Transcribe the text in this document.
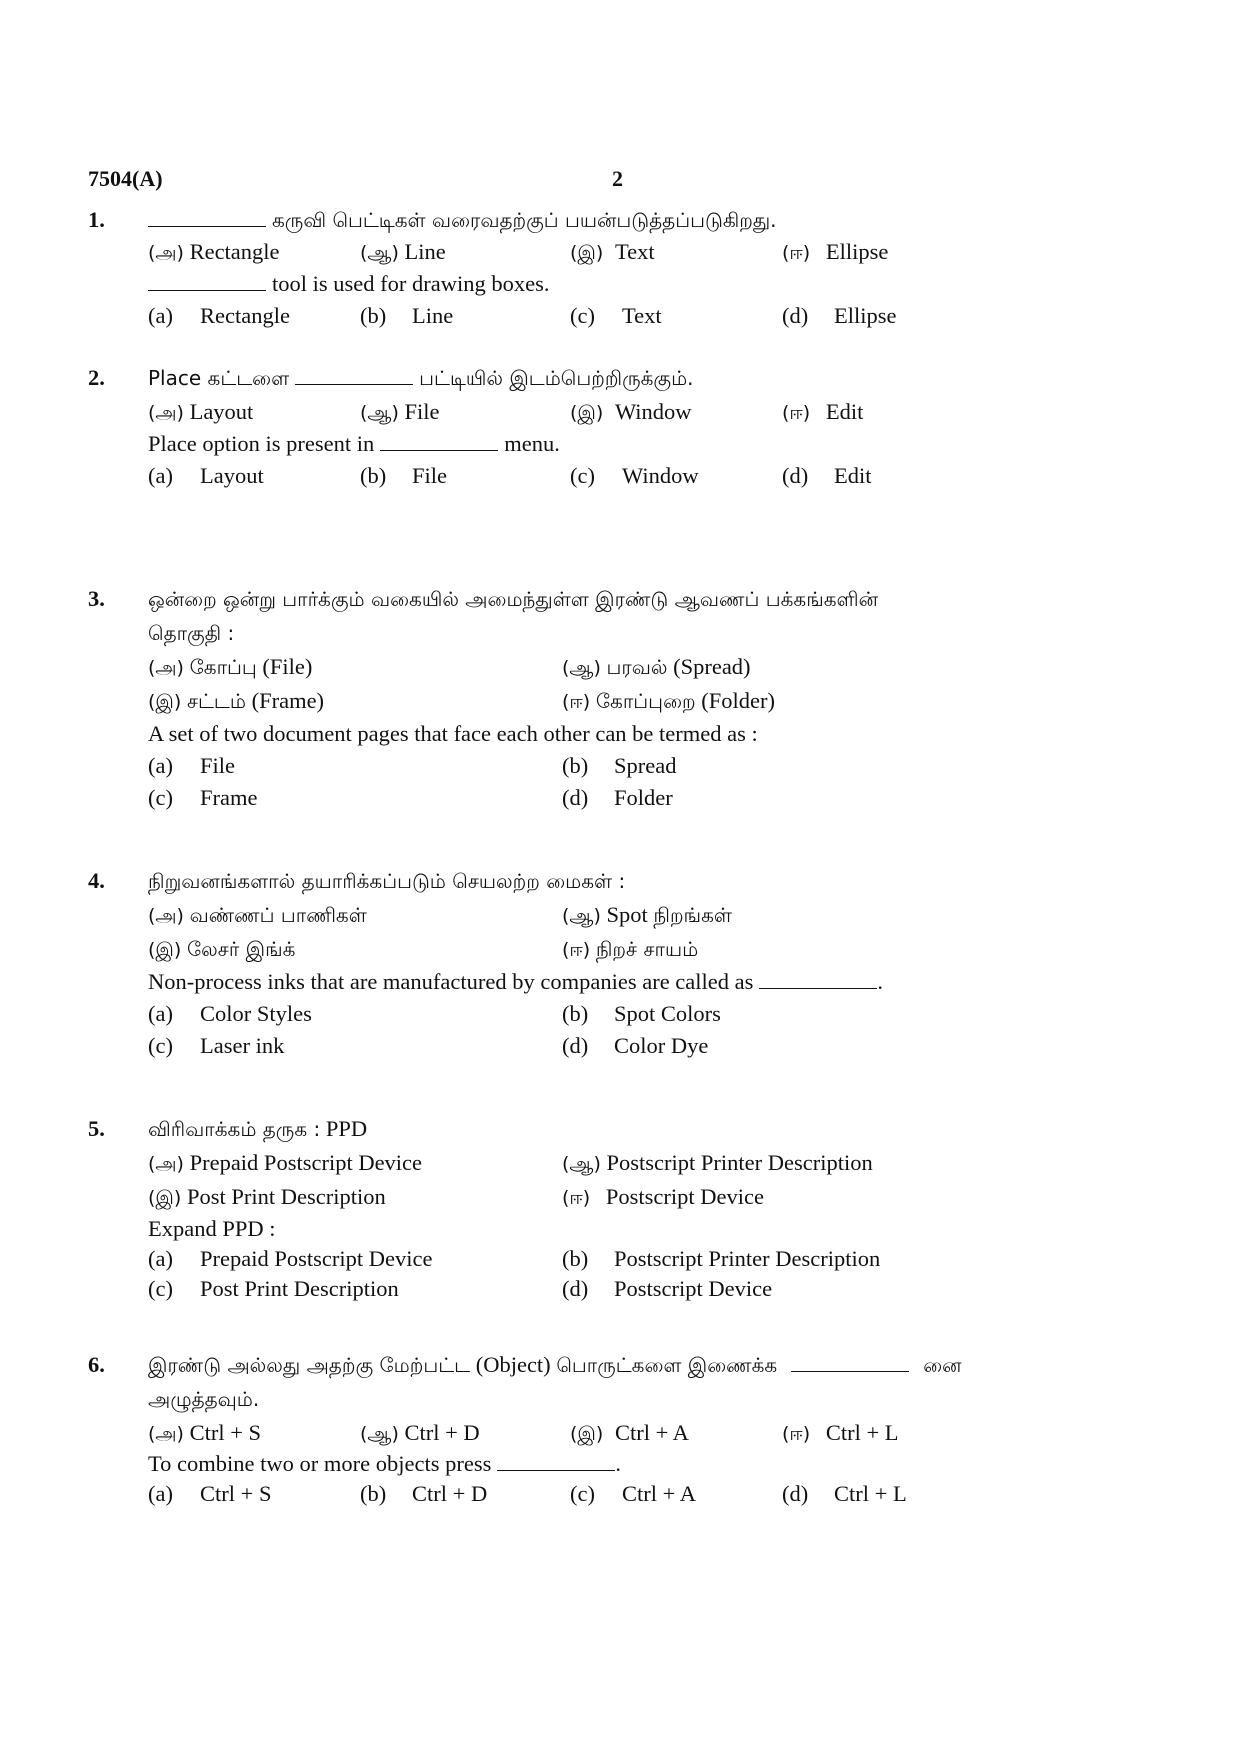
7504(A)	2
1.	கருவி பெட்டிகள் வரைவதற்குப் பயன்படுத்தப்படுகிறது.
(அ) Rectangle	(ஆ) Line	(இ) Text	(ஈ) Ellipse
tool is used for drawing boxes.
(a) Rectangle	(b) Line	(c) Text	(d) Ellipse
2. Place கட்டளை	பட்டியில் இடம்பெற்றிருக்கும்.
(அ) Layout	(ஆ) File	(இ) Window	(ஈ) Edit
Place option is present in	menu.
(a) Layout	(b) File	(c) Window	(d) Edit
3. ஒன்றை ஒன்று பார்க்கும் வகையில் அமைந்துள்ள இரண்டு ஆவணப் பக்கங்களின்
தொகுதி :
(அ) கோப்பு (File)	(ஆ) பரவல் (Spread)
(இ) சட்டம் (Frame)	(ஈ) கோப்புறை (Folder)
A set of two document pages that face each other can be termed as :
(a) File	(b) Spread
(c) Frame	(d) Folder
4. நிறுவனங்களால் தயாரிக்கப்படும் செயலற்ற மைகள் :
(அ) வண்ணப் பாணிகள்	(ஆ) Spot நிறங்கள்
(இ) லேசர் இங்க்	(ஈ) நிறச் சாயம்
Non-process inks that are manufactured by companies are called as	.
(a) Color Styles	(b) Spot Colors
(c) Laser ink	(d) Color Dye
5. விரிவாக்கம் தருக : PPD
(அ) Prepaid Postscript Device	(ஆ) Postscript Printer Description
(இ) Post Print Description	(ஈ) Postscript Device
Expand PPD :
(a) Prepaid Postscript Device	(b) Postscript Printer Description
(c) Post Print Description	(d) Postscript Device
6. இரண்டு அல்லது அதற்கு மேற்பட்ட (Object) பொருட்களை இணைக்க	னை
அழுத்தவும்.
(அ) Ctrl + S	(ஆ) Ctrl + D	(இ) Ctrl + A	(ஈ) Ctrl + L
To combine two or more objects press	.
(a) Ctrl + S	(b) Ctrl + D	(c) Ctrl + A	(d) Ctrl + L
